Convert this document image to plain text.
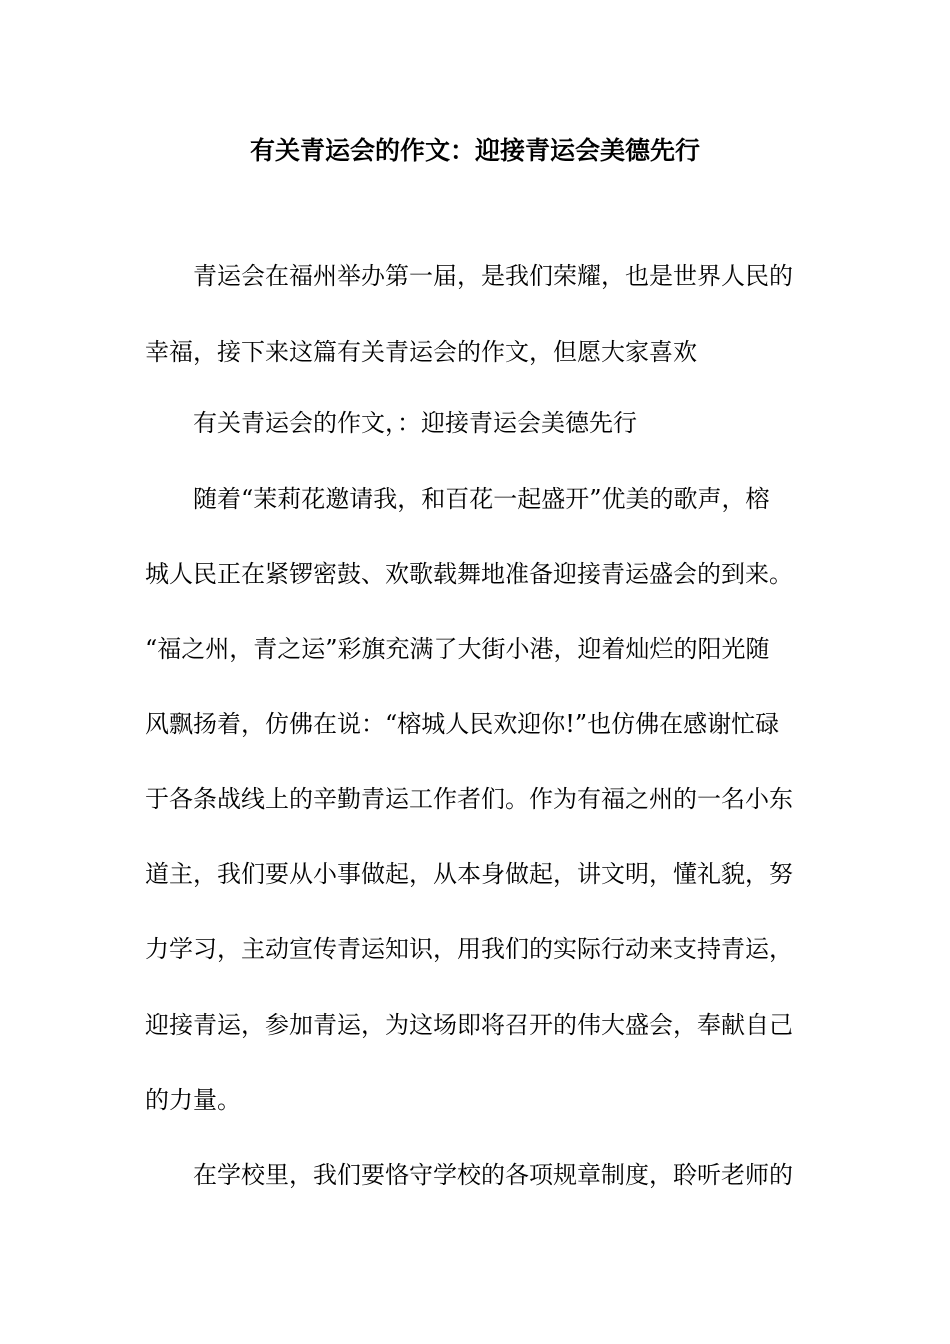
有关青运会的作文：迎接青运会美德先行
青运会在福州举办第一届，是我们荣耀，也是世界人民的
幸福，接下来这篇有关青运会的作文，但愿大家喜欢
有关青运会的作文，：迎接青运会美德先行
随着“茉莉花邀请我，和百花一起盛开”优美的歌声，榕
城人民正在紧锣密鼓、欢歌载舞地准备迎接青运盛会的到来。
“福之州，青之运”彩旗充满了大街小港，迎着灿烂的阳光随
风飘扬着，仿佛在说：“榕城人民欢迎你!”也仿佛在感谢忙碌
于各条战线上的辛勤青运工作者们。作为有福之州的一名小东
道主，我们要从小事做起，从本身做起，讲文明，懂礼貌，努
力学习，主动宣传青运知识，用我们的实际行动来支持青运，
迎接青运，参加青运，为这场即将召开的伟大盛会，奉献自己
的力量。
在学校里，我们要恪守学校的各项规章制度，聆听老师的
